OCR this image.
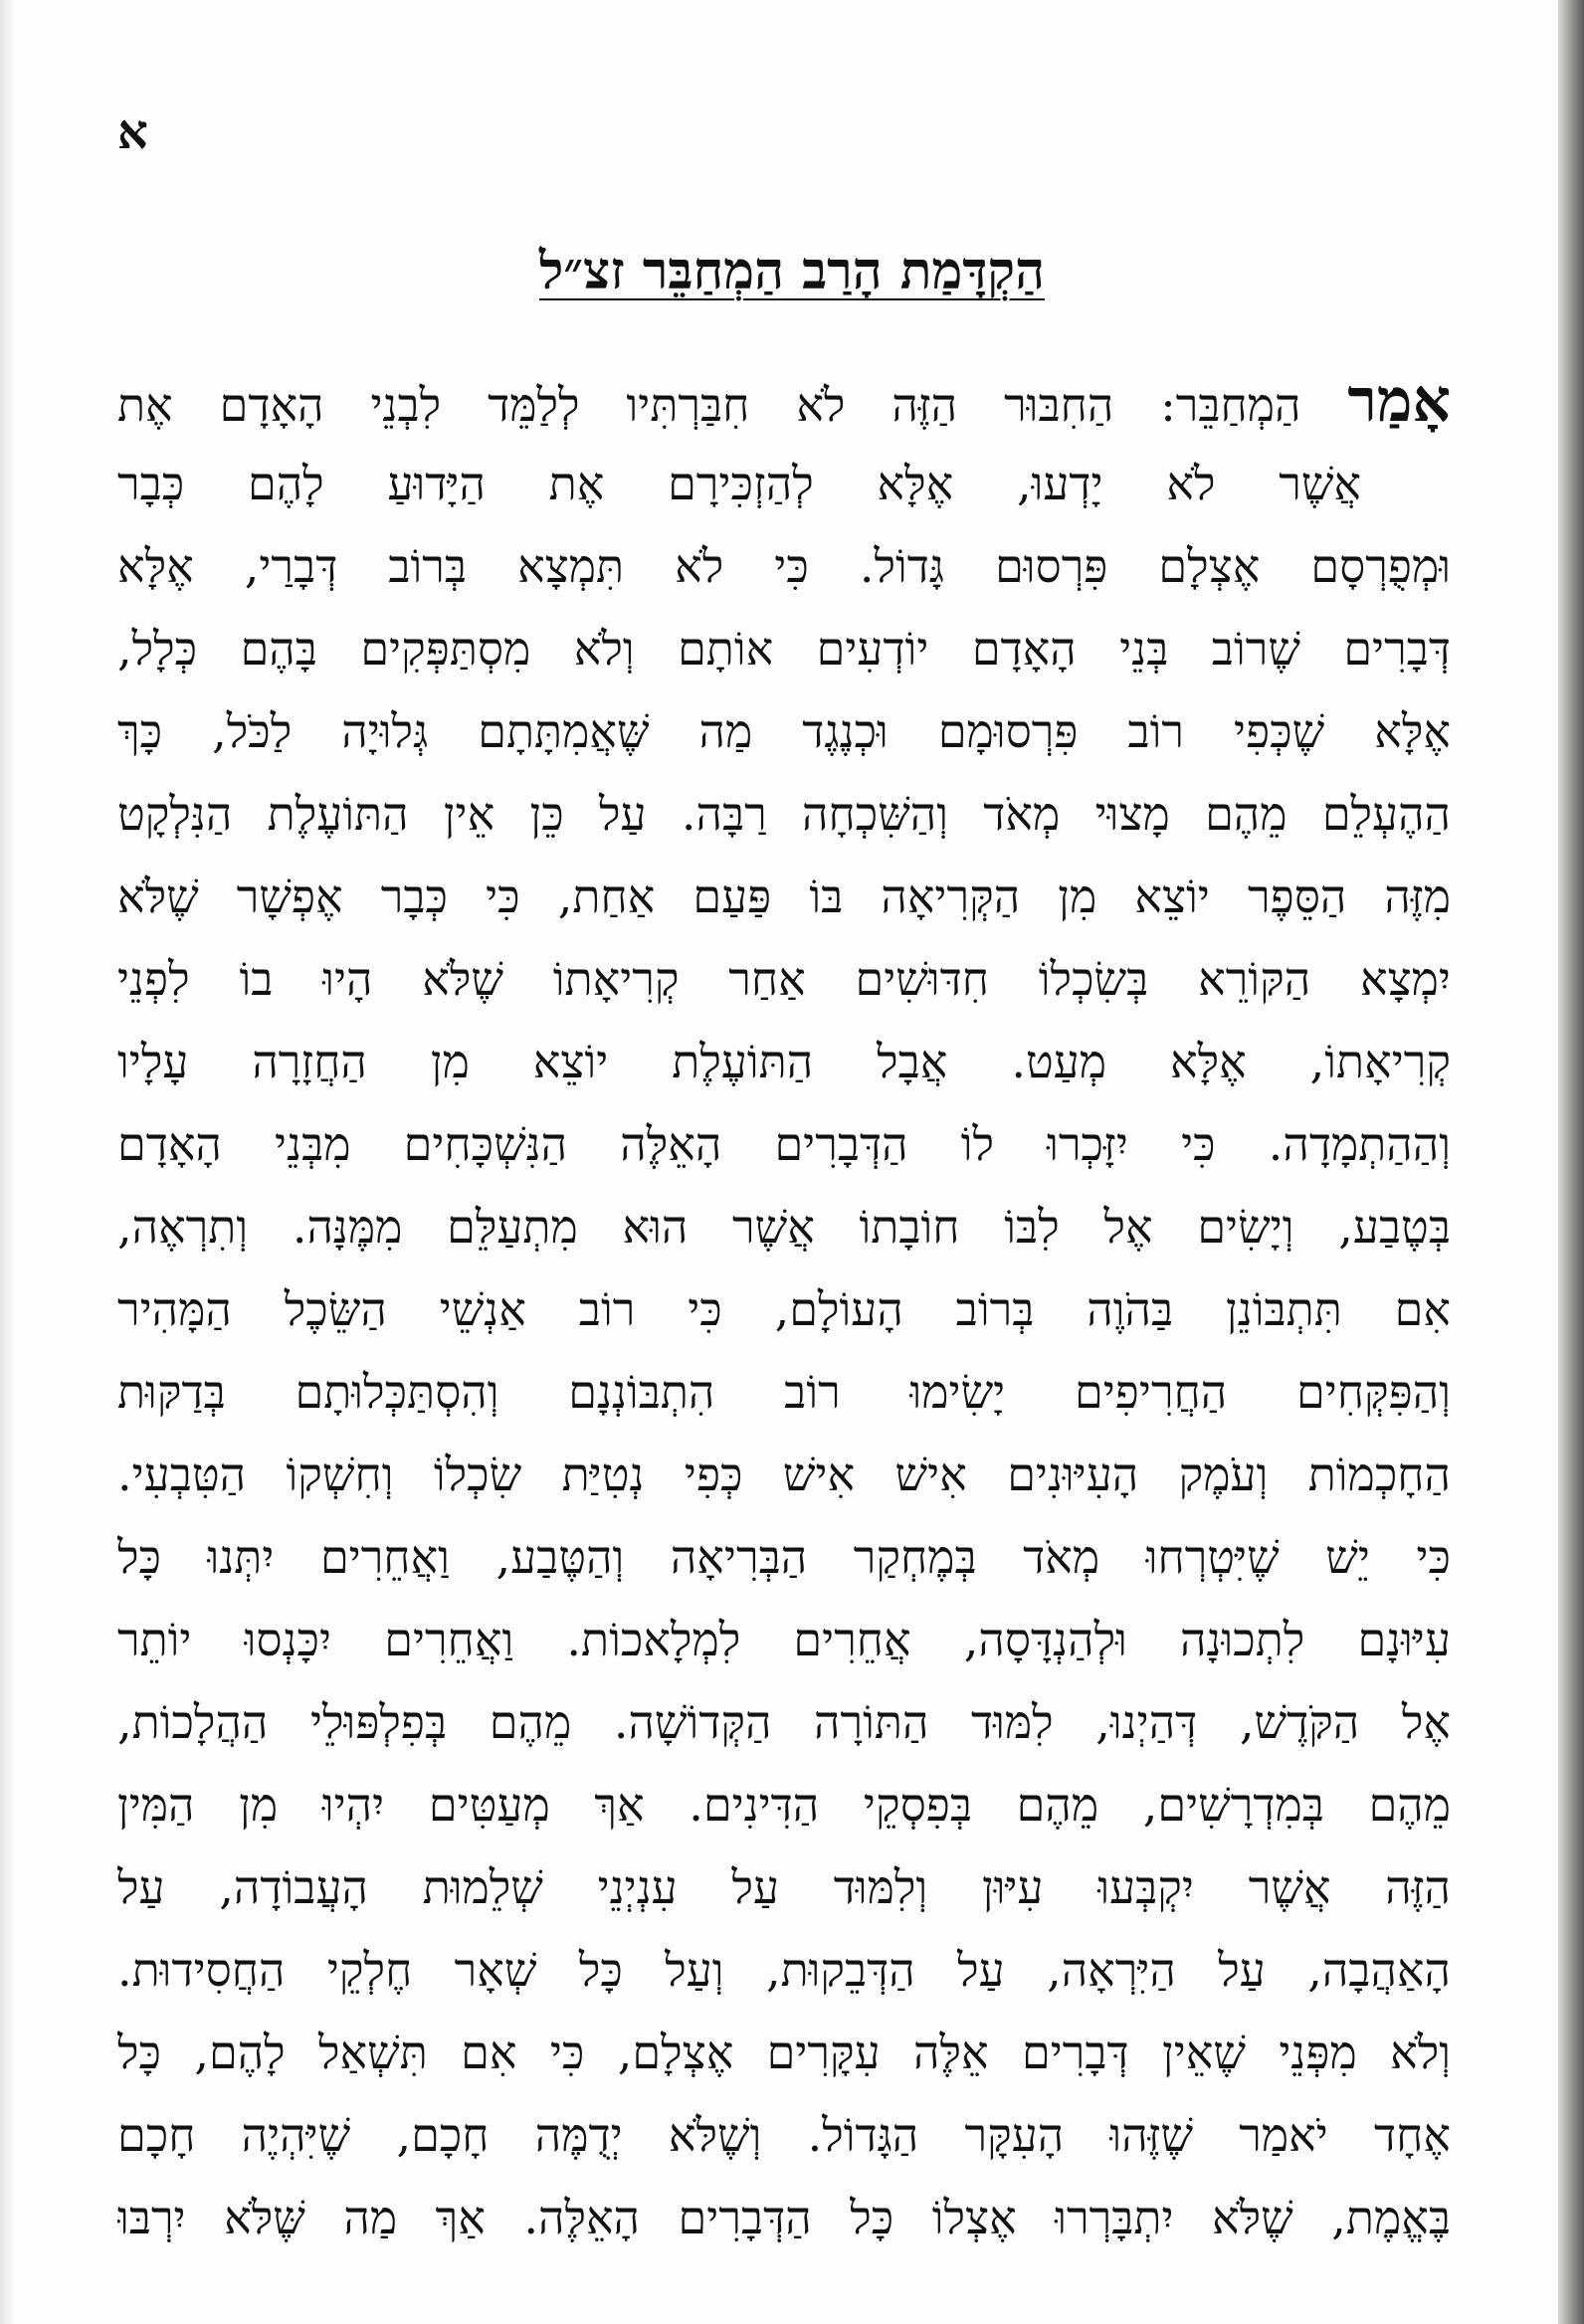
א
הַקְדָּמַת הָרַב הַמְחַבֵּר זצ״ל
אָמַר הַמְחַבֵּר: הַחִבּוּר הַזֶּה לֹא חִבַּרְתִּיו לְלַמֵּד לִבְנֵי הָאָדָם אֶת
אֲשֶׁר לֹא יָדְעוּ, אֶלָּא לְהַזְכִּירָם אֶת הַיָּדוּעַ לָהֶם כְּבָר
וּמְפֻרְסָם אֶצְלָם פִּרְסוּם גָּדוֹל. כִּי לֹא תִּמְצָא בְּרוֹב דְּבָרַי, אֶלָּא
דְּבָרִים שֶׁרוֹב בְּנֵי הָאָדָם יוֹדְעִים אוֹתָם וְלֹא מִסְתַּפְּקִים בָּהֶם כְּלָל,
אֶלָּא שֶׁכְּפִי רוֹב פִּרְסוּמָם וּכְנֶגֶד מַה שֶּׁאֲמִתָּתָם גְּלוּיָה לַכֹּל, כָּךְ
הַהֶעְלֵם מֵהֶם מָצוּי מְאֹד וְהַשִּׁכְחָה רַבָּה. עַל כֵּן אֵין הַתּוֹעֶלֶת הַנִּלְקָט
מִזֶּה הַסֵּפֶר יוֹצֵא מִן הַקְּרִיאָה בּוֹ פַּעַם אַחַת, כִּי כְּבָר אֶפְשָׁר שֶׁלֹּא
יִמְצָא הַקּוֹרֵא בְּשִׂכְלוֹ חִדּוּשִׁים אַחַר קְרִיאָתוֹ שֶׁלֹּא הָיוּ בוֹ לִפְנֵי
קְרִיאָתוֹ, אֶלָּא מְעַט. אֲבָל הַתּוֹעֶלֶת יוֹצֵא מִן הַחֲזָרָה עָלָיו
וְהַהַתְמָדָה. כִּי יִזָּכְרוּ לוֹ הַדְּבָרִים הָאֵלֶּה הַנִּשְׁכָּחִים מִבְּנֵי הָאָדָם
בְּטֶבַע, וְיָשִׂים אֶל לִבּוֹ חוֹבָתוֹ אֲשֶׁר הוּא מִתְעַלֵּם מִמֶּנָּה. וְתִרְאֶה,
אִם תִּתְבּוֹנֵן בַּהֹוֶה בְּרוֹב הָעוֹלָם, כִּי רוֹב אַנְשֵׁי הַשֵּׂכֶל הַמָּהִיר
וְהַפִּקְּחִים הַחֲרִיפִים יָשִׂימוּ רוֹב הִתְבּוֹנְנָם וְהִסְתַּכְּלוּתָם בְּדַקּוּת
הַחָכְמוֹת וְעֹמֶק הָעִיּוּנִים אִישׁ אִישׁ כְּפִי נְטִיַּת שִׂכְלוֹ וְחִשְׁקוֹ הַטִּבְעִי.
כִּי יֵשׁ שֶׁיִּטְרְחוּ מְאֹד בְּמֶחְקַר הַבְּרִיאָה וְהַטֶּבַע, וַאֲחֵרִים יִתְּנוּ כָּל
עִיּוּנָם לִתְכוּנָה וּלְהַנְדָּסָה, אֲחֵרִים לִמְלָאכוֹת. וַאֲחֵרִים יִכָּנְסוּ יוֹתֵר
אֶל הַקֹּדֶשׁ, דְּהַיְנוּ, לִמּוּד הַתּוֹרָה הַקְּדוֹשָׁה. מֵהֶם בְּפִלְפּוּלֵי הַהֲלָכוֹת,
מֵהֶם בְּמִדְרָשִׁים, מֵהֶם בְּפִסְקֵי הַדִּינִים. אַךְ מְעַטִּים יִהְיוּ מִן הַמִּין
הַזֶּה אֲשֶׁר יִקְבְּעוּ עִיּוּן וְלִמּוּד עַל עִנְיְנֵי שְׁלֵמוּת הָעֲבוֹדָה, עַל
הָאַהֲבָה, עַל הַיִּרְאָה, עַל הַדְּבֵקוּת, וְעַל כָּל שְׁאָר חֶלְקֵי הַחֲסִידוּת.
וְלֹא מִפְּנֵי שֶׁאֵין דְּבָרִים אֵלֶּה עִקָּרִים אֶצְלָם, כִּי אִם תִּשְׁאַל לָהֶם, כָּל
אֶחָד יֹאמַר שֶׁזֶּהוּ הָעִקָּר הַגָּדוֹל. וְשֶׁלֹּא יְדֻמֶּה חָכָם, שֶׁיִּהְיֶה חָכָם
בֶּאֱמֶת, שֶׁלֹּא יִתְבָּרְרוּ אֶצְלוֹ כָּל הַדְּבָרִים הָאֵלֶּה. אַךְ מַה שֶּׁלֹּא יִרְבּוּ
